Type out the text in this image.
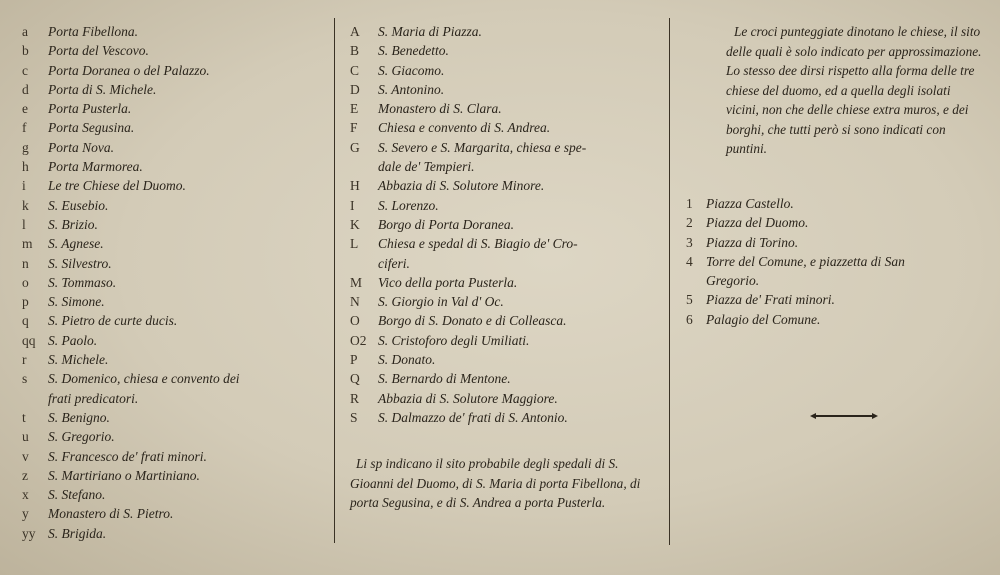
a	Porta Fibellona.
b	Porta del Vescovo.
c	Porta Doranea o del Palazzo.
d	Porta di S. Michele.
e	Porta Pusterla.
f	Porta Segusina.
g	Porta Nova.
h	Porta Marmorea.
i	Le tre Chiese del Duomo.
k	S. Eusebio.
l	S. Brizio.
m	S. Agnese.
n	S. Silvestro.
o	S. Tommaso.
p	S. Simone.
q	S. Pietro de curte ducis.
qq S. Paolo.
r	S. Michele.
s	S. Domenico, chiesa e convento dei
frati predicatori.
t	S. Benigno.
u	S. Gregorio.
v	S. Francesco de' frati minori.
z	S. Martiriano o Martiniano.
x	S. Stefano.
y	Monastero di S. Pietro.
yy S. Brigida.
A	S. Maria di Piazza.
B	S. Benedetto.
C	S. Giacomo.
D	S. Antonino.
E	Monastero di S. Clara.
F	Chiesa e convento di S. Andrea.
G	S. Severo e S. Margarita, chiesa e spe-
dale de' Tempieri.
H	Abbazia di S. Solutore Minore.
I	S. Lorenzo.
K	Borgo di Porta Doranea.
L	Chiesa e spedal di S. Biagio de' Cro-
ciferi.
M	Vico della porta Pusterla.
N	S. Giorgio in Val d' Oc.
O	Borgo di S. Donato e di Colleasca.
O2 S. Cristoforo degli Umiliati.
P	S. Donato.
Q	S. Bernardo di Mentone.
R	Abbazia di S. Solutore Maggiore.
S	S. Dalmazzo de' frati di S. Antonio.
Li sp indicano il sito probabile degli spedali di S. Gioanni del Duomo, di S. Maria di porta Fibellona, di porta Segusina, e di S. Andrea a porta Pusterla.
Le croci punteggiate dinotano le chiese, il sito delle quali è solo indicato per approssimazione. Lo stesso dee dirsi rispetto alla forma delle tre chiese del duomo, ed a quella degli isolati vicini, non che delle chiese extra muros, e dei borghi, che tutti però si sono indicati con puntini.
1 Piazza Castello.
2 Piazza del Duomo.
3 Piazza di Torino.
4 Torre del Comune, e piazzetta di San
Gregorio.
5 Piazza de' Frati minori.
6 Palagio del Comune.
